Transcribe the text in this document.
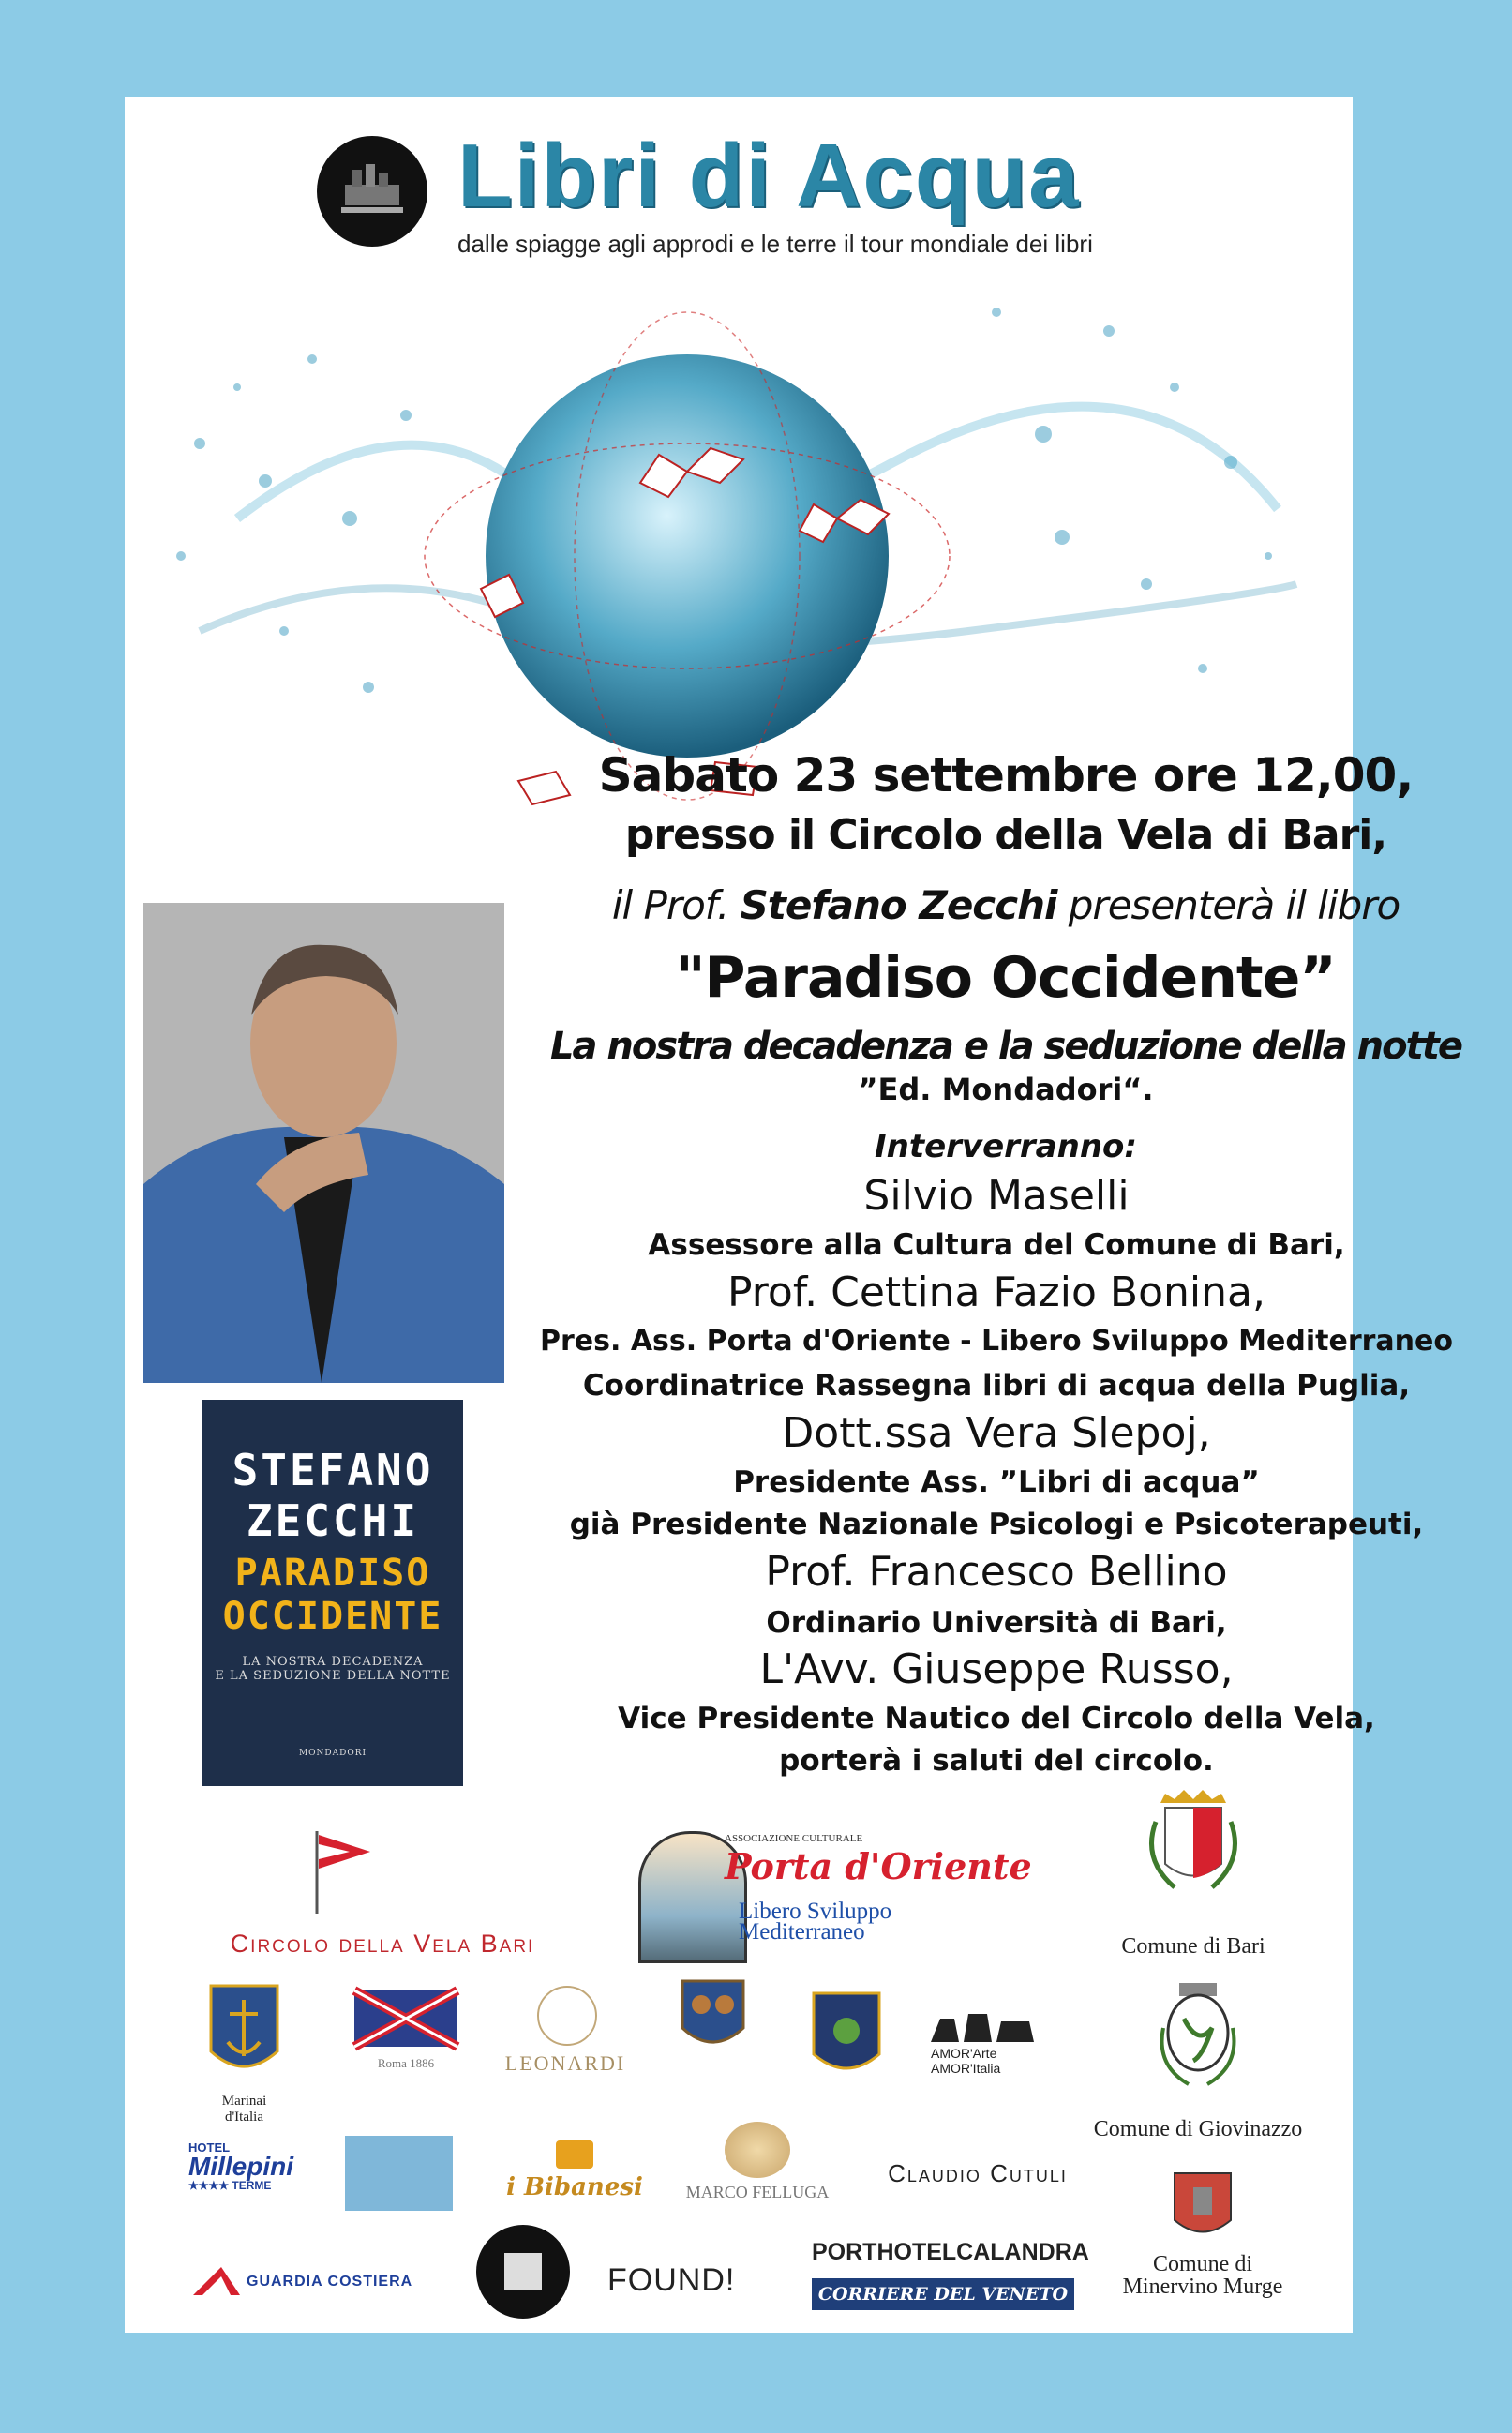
Libri di Acqua
dalle spiagge agli approdi e le terre il tour mondiale dei libri
Sabato 23 settembre ore 12,00,
presso il Circolo della Vela di Bari,
il Prof. Stefano Zecchi presenterà il libro
"Paradiso Occidente”
La nostra decadenza e la seduzione della notte
”Ed. Mondadori“.
Interverranno:
Silvio Maselli
Assessore alla Cultura del Comune di Bari,
Prof. Cettina Fazio Bonina,
Pres. Ass. Porta d'Oriente - Libero Sviluppo Mediterraneo
Coordinatrice Rassegna libri di acqua della Puglia,
Dott.ssa Vera Slepoj,
Presidente Ass. ”Libri di acqua”
già Presidente Nazionale Psicologi e Psicoterapeuti,
Prof. Francesco Bellino
Ordinario Università di Bari,
L'Avv. Giuseppe Russo,
Vice Presidente Nautico del Circolo della Vela,
porterà i saluti del circolo.
STEFANO
ZECCHI
PARADISO
OCCIDENTE
LA NOSTRA DECADENZA
E LA SEDUZIONE DELLA NOTTE
MONDADORI
Circolo della Vela Bari
ASSOCIAZIONE CULTURALE
Porta d'Oriente
Libero Sviluppo
Mediterraneo
Comune di Bari
Marinai
d'Italia
Roma 1886	LEONARDI	AMOR'Arte
AMOR'Italia
Comune di Giovinazzo
HOTEL
Millepini
★★★★ TERME	i Bibanesi	MARCO FELLUGA
Claudio Cutuli
Comune di
Minervino Murge
GUARDIA COSTIERA	FOUND!
PORTHOTELCALANDRA
CORRIERE DEL VENETO
